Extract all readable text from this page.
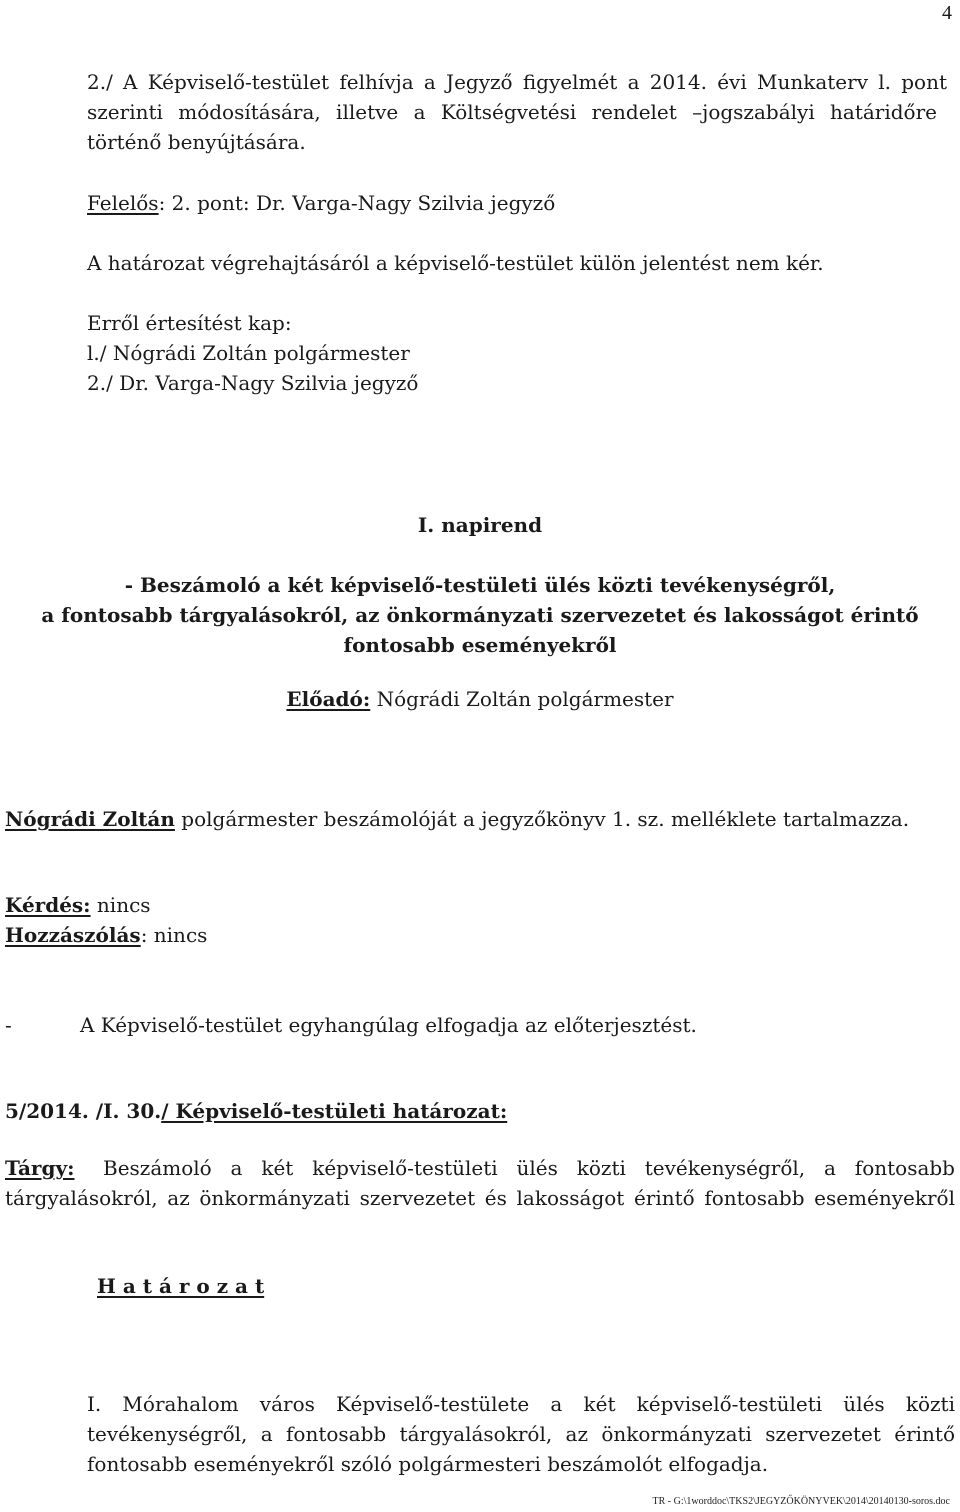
4
2./ A Képviselő-testület felhívja a Jegyző figyelmét a 2014. évi Munkaterv l. pont
szerinti módosítására, illetve a Költségvetési rendelet –jogszabályi határidőre
történő benyújtására.
Felelős: 2. pont: Dr. Varga-Nagy Szilvia jegyző
A határozat végrehajtásáról a képviselő-testület külön jelentést nem kér.
Erről értesítést kap:
l./ Nógrádi Zoltán polgármester
2./ Dr. Varga-Nagy Szilvia jegyző
I. napirend
- Beszámoló a két képviselő-testületi ülés közti tevékenységről,
a fontosabb tárgyalásokról, az önkormányzati szervezetet és lakosságot érintő
fontosabb eseményekről
Előadó: Nógrádi Zoltán polgármester
Nógrádi Zoltán polgármester beszámolóját a jegyzőkönyv 1. sz. melléklete tartalmazza.
Kérdés: nincs
Hozzászólás: nincs
-	A Képviselő-testület egyhangúlag elfogadja az előterjesztést.
5/2014. /I. 30./ Képviselő-testületi határozat:
Tárgy: Beszámoló a két képviselő-testületi ülés közti tevékenységről, a fontosabb
tárgyalásokról, az önkormányzati szervezetet és lakosságot érintő fontosabb eseményekről
H a t á r o z a t
I. Mórahalom város Képviselő-testülete a két képviselő-testületi ülés közti
tevékenységről, a fontosabb tárgyalásokról, az önkormányzati szervezetet érintő
fontosabb eseményekről szóló polgármesteri beszámolót elfogadja.
TR - G:\1worddoc\TKS2\JEGYZŐKÖNYVEK\2014\20140130-soros.doc
